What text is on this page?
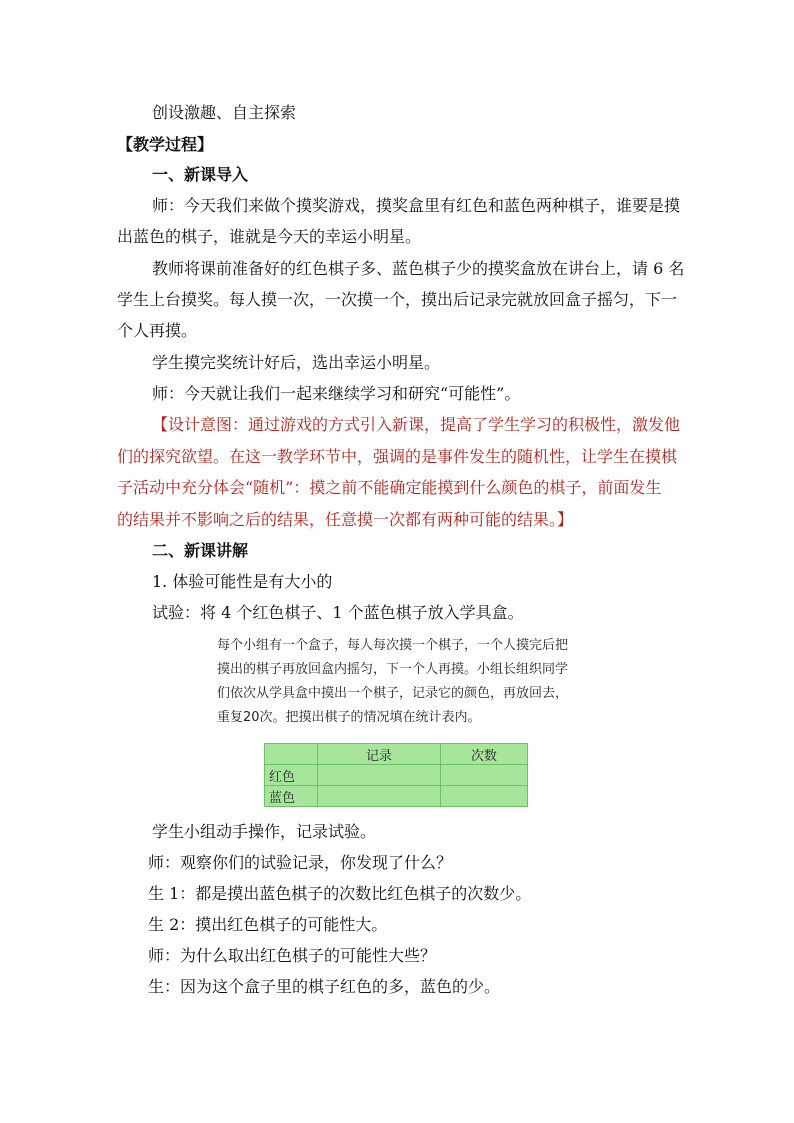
创设激趣、自主探索
【教学过程】
一、新课导入
师：今天我们来做个摸奖游戏，摸奖盒里有红色和蓝色两种棋子，谁要是摸
出蓝色的棋子，谁就是今天的幸运小明星。
教师将课前准备好的红色棋子多、蓝色棋子少的摸奖盒放在讲台上，请 6 名
学生上台摸奖。每人摸一次，一次摸一个，摸出后记录完就放回盒子摇匀，下一
个人再摸。
学生摸完奖统计好后，选出幸运小明星。
师：今天就让我们一起来继续学习和研究“可能性”。
【设计意图：通过游戏的方式引入新课，提高了学生学习的积极性，激发他
们的探究欲望。在这一教学环节中，强调的是事件发生的随机性，让学生在摸棋
子活动中充分体会“随机”：摸之前不能确定能摸到什么颜色的棋子，前面发生
的结果并不影响之后的结果，任意摸一次都有两种可能的结果。】
二、新课讲解
1. 体验可能性是有大小的
试验：将 4 个红色棋子、1 个蓝色棋子放入学具盒。
每个小组有一个盒子，每人每次摸一个棋子，一个人摸完后把
摸出的棋子再放回盒内摇匀，下一个人再摸。小组长组织同学
们依次从学具盒中摸出一个棋子，记录它的颜色，再放回去，
重复20次。把摸出棋子的情况填在统计表内。
	记录	次数
红色		
蓝色		
学生小组动手操作，记录试验。
师：观察你们的试验记录，你发现了什么？
生 1：都是摸出蓝色棋子的次数比红色棋子的次数少。
生 2：摸出红色棋子的可能性大。
师：为什么取出红色棋子的可能性大些？
生：因为这个盒子里的棋子红色的多，蓝色的少。
